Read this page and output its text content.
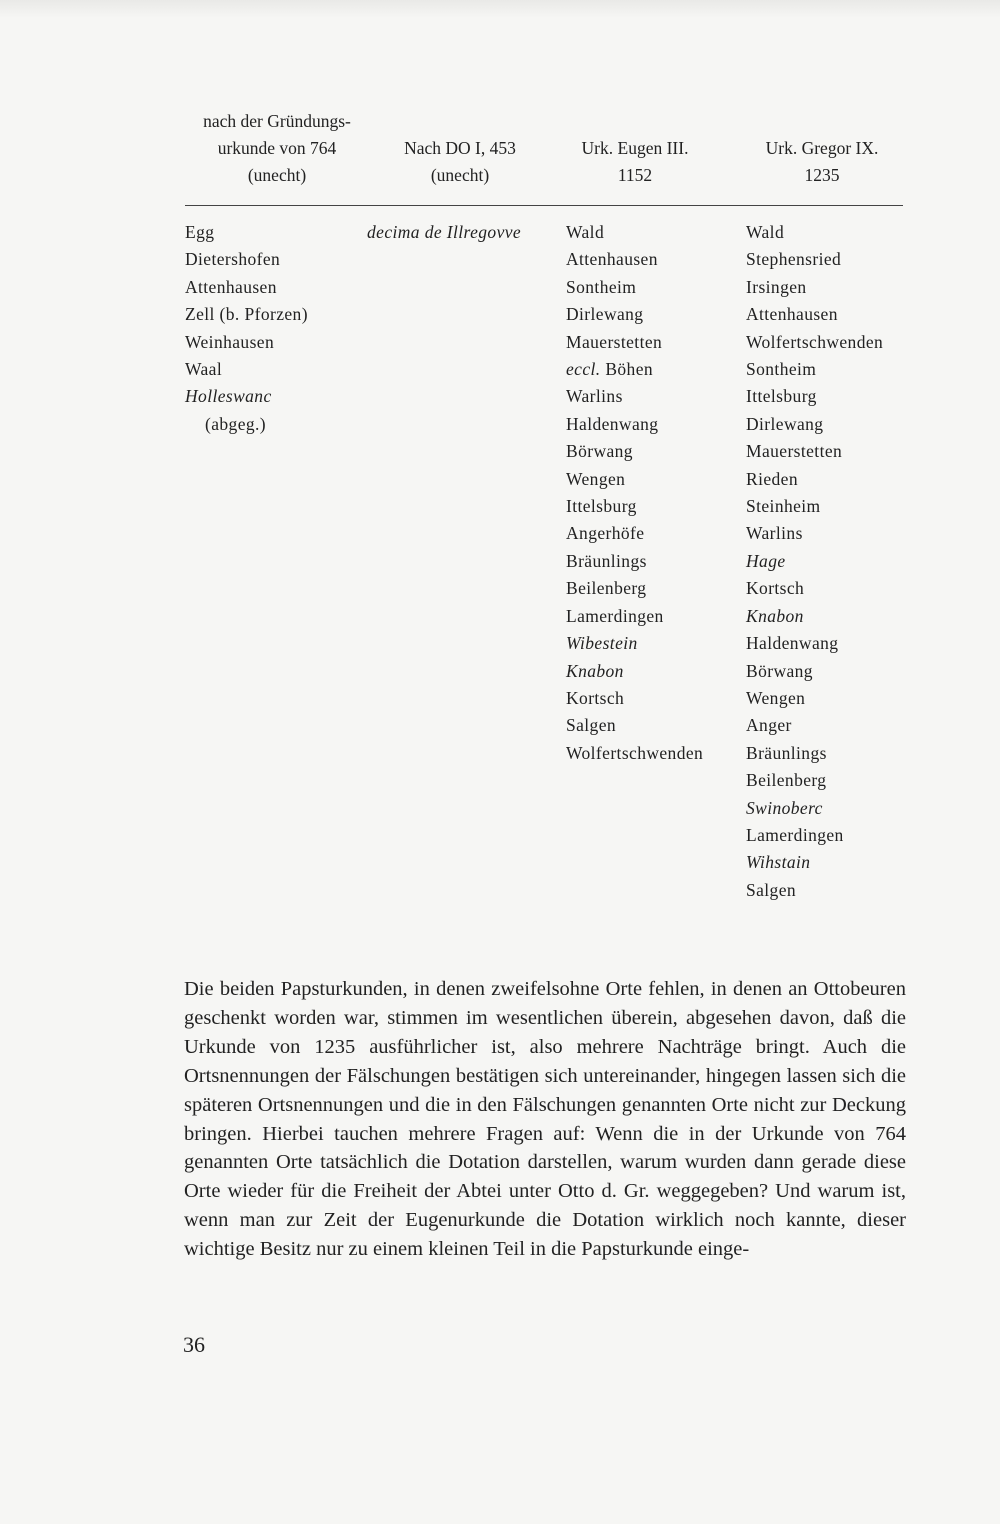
nach der Gründungs-
urkunde von 764
(unecht)
Nach DO I, 453
(unecht)
Urk. Eugen III.
1152
Urk. Gregor IX.
1235
Egg
Dietershofen
Attenhausen
Zell (b. Pforzen)
Weinhausen
Waal
Holleswanc
(abgeg.)
decima de Illregovve	Wald
Attenhausen
Sontheim
Dirlewang
Mauerstetten
eccl. Böhen
Warlins
Haldenwang
Börwang
Wengen
Ittelsburg
Angerhöfe
Bräunlings
Beilenberg
Lamerdingen
Wibestein
Knabon
Kortsch
Salgen
Wolfertschwenden
Wald
Stephensried
Irsingen
Attenhausen
Wolfertschwenden
Sontheim
Ittelsburg
Dirlewang
Mauerstetten
Rieden
Steinheim
Warlins
Hage
Kortsch
Knabon
Haldenwang
Börwang
Wengen
Anger
Bräunlings
Beilenberg
Swinoberc
Lamerdingen
Wihstain
Salgen
Die beiden Papsturkunden, in denen zweifelsohne Orte fehlen, in denen an Ottobeuren geschenkt worden war, stimmen im wesentlichen überein, abgesehen davon, daß die Urkunde von 1235 ausführlicher ist, also mehrere Nachträge bringt. Auch die Ortsnennungen der Fälschungen bestätigen sich untereinander, hingegen lassen sich die späteren Ortsnennungen und die in den Fälschungen genannten Orte nicht zur Deckung bringen. Hierbei tauchen mehrere Fragen auf: Wenn die in der Urkunde von 764 genannten Orte tatsächlich die Dotation darstellen, warum wurden dann gerade diese Orte wieder für die Freiheit der Abtei unter Otto d. Gr. weggegeben? Und warum ist, wenn man zur Zeit der Eugenurkunde die Dotation wirklich noch kannte, dieser wichtige Besitz nur zu einem kleinen Teil in die Papsturkunde einge-
36
